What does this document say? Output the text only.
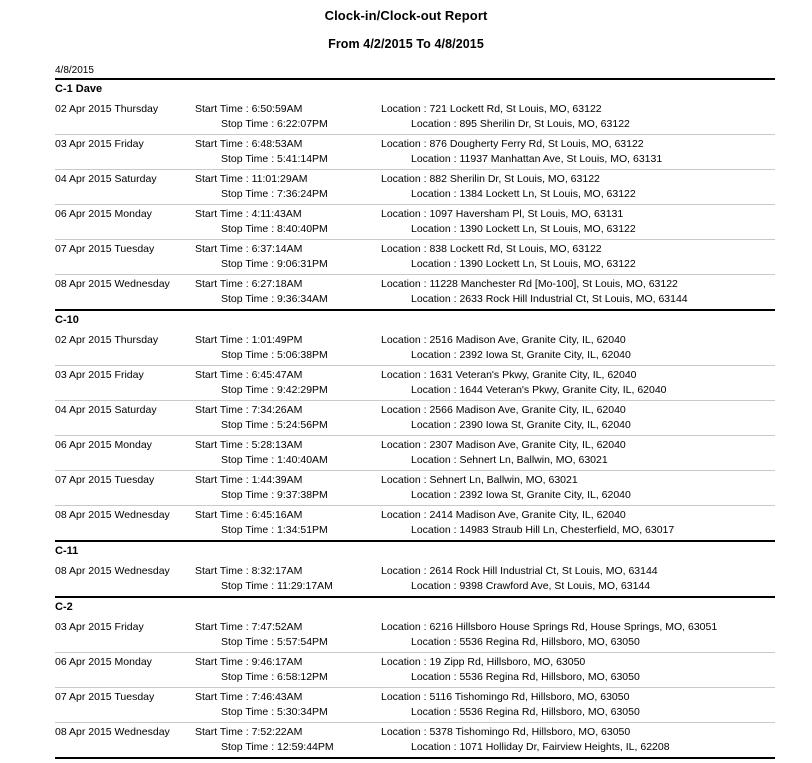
Clock-in/Clock-out Report
From 4/2/2015 To 4/8/2015
4/8/2015
C-1 Dave
02 Apr 2015 Thursday	Start Time : 6:50:59AM	Location : 721 Lockett Rd, St Louis, MO, 63122

Stop Time : 6:22:07PM	Location : 895 Sherilin Dr, St Louis, MO, 63122
03 Apr 2015 Friday	Start Time : 6:48:53AM	Location : 876 Dougherty Ferry Rd, St Louis, MO, 63122

Stop Time : 5:41:14PM	Location : 11937 Manhattan Ave, St Louis, MO, 63131
04 Apr 2015 Saturday	Start Time : 11:01:29AM	Location : 882 Sherilin Dr, St Louis, MO, 63122

Stop Time : 7:36:24PM	Location : 1384 Lockett Ln, St Louis, MO, 63122
06 Apr 2015 Monday	Start Time : 4:11:43AM	Location : 1097 Haversham Pl, St Louis, MO, 63131

Stop Time : 8:40:40PM	Location : 1390 Lockett Ln, St Louis, MO, 63122
07 Apr 2015 Tuesday	Start Time : 6:37:14AM	Location : 838 Lockett Rd, St Louis, MO, 63122

Stop Time : 9:06:31PM	Location : 1390 Lockett Ln, St Louis, MO, 63122
08 Apr 2015 Wednesday	Start Time : 6:27:18AM	Location : 11228 Manchester Rd [Mo-100], St Louis, MO, 63122

Stop Time : 9:36:34AM	Location : 2633 Rock Hill Industrial Ct, St Louis, MO, 63144
C-10
02 Apr 2015 Thursday	Start Time : 1:01:49PM	Location : 2516 Madison Ave, Granite City, IL, 62040

Stop Time : 5:06:38PM	Location : 2392 Iowa St, Granite City, IL, 62040
03 Apr 2015 Friday	Start Time : 6:45:47AM	Location : 1631 Veteran's Pkwy, Granite City, IL, 62040

Stop Time : 9:42:29PM	Location : 1644 Veteran's Pkwy, Granite City, IL, 62040
04 Apr 2015 Saturday	Start Time : 7:34:26AM	Location : 2566 Madison Ave, Granite City, IL, 62040

Stop Time : 5:24:56PM	Location : 2390 Iowa St, Granite City, IL, 62040
06 Apr 2015 Monday	Start Time : 5:28:13AM	Location : 2307 Madison Ave, Granite City, IL, 62040

Stop Time : 1:40:40AM	Location : Sehnert Ln, Ballwin, MO, 63021
07 Apr 2015 Tuesday	Start Time : 1:44:39AM	Location : Sehnert Ln, Ballwin, MO, 63021

Stop Time : 9:37:38PM	Location : 2392 Iowa St, Granite City, IL, 62040
08 Apr 2015 Wednesday	Start Time : 6:45:16AM	Location : 2414 Madison Ave, Granite City, IL, 62040

Stop Time : 1:34:51PM	Location : 14983 Straub Hill Ln, Chesterfield, MO, 63017
C-11
08 Apr 2015 Wednesday	Start Time : 8:32:17AM	Location : 2614 Rock Hill Industrial Ct, St Louis, MO, 63144

Stop Time : 11:29:17AM	Location : 9398 Crawford Ave, St Louis, MO, 63144
C-2
03 Apr 2015 Friday	Start Time : 7:47:52AM	Location : 6216 Hillsboro House Springs Rd, House Springs, MO, 63051

Stop Time : 5:57:54PM	Location : 5536 Regina Rd, Hillsboro, MO, 63050
06 Apr 2015 Monday	Start Time : 9:46:17AM	Location : 19 Zipp Rd, Hillsboro, MO, 63050

Stop Time : 6:58:12PM	Location : 5536 Regina Rd, Hillsboro, MO, 63050
07 Apr 2015 Tuesday	Start Time : 7:46:43AM	Location : 5116 Tishomingo Rd, Hillsboro, MO, 63050

Stop Time : 5:30:34PM	Location : 5536 Regina Rd, Hillsboro, MO, 63050
08 Apr 2015 Wednesday	Start Time : 7:52:22AM	Location : 5378 Tishomingo Rd, Hillsboro, MO, 63050

Stop Time : 12:59:44PM	Location : 1071 Holliday Dr, Fairview Heights, IL, 62208
